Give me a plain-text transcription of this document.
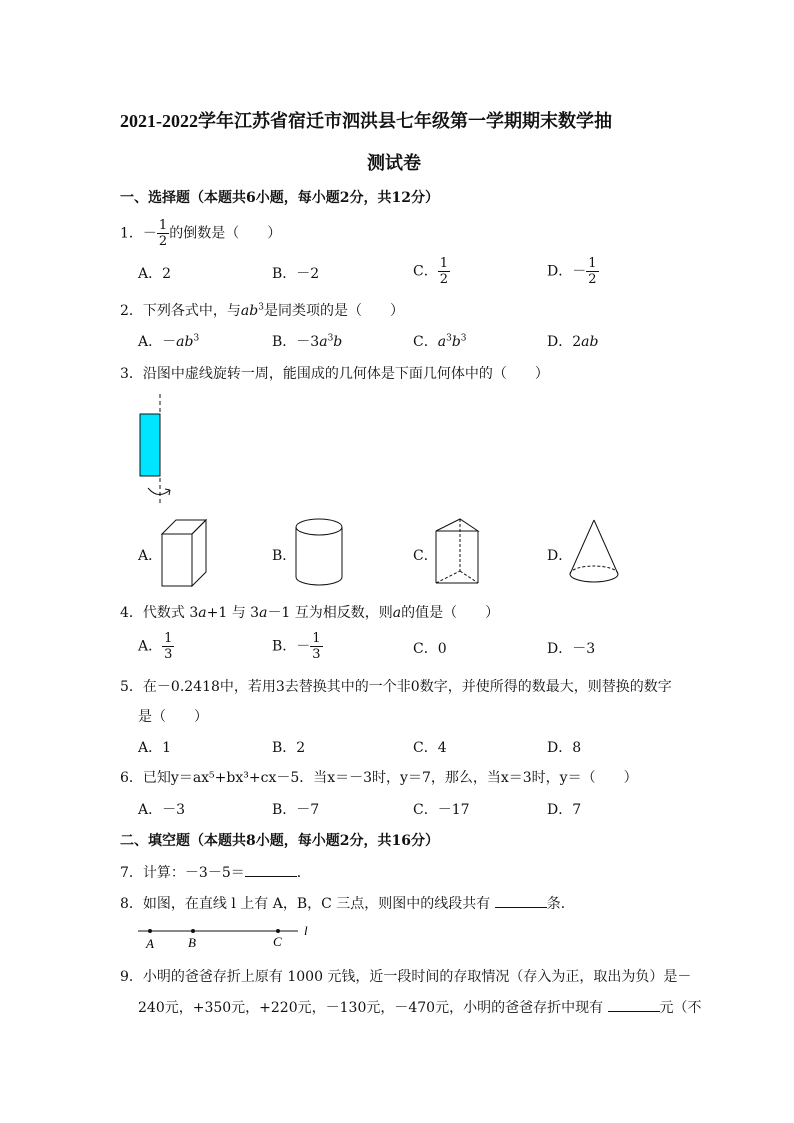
2021-2022学年江苏省宿迁市泗洪县七年级第一学期期末数学抽
测试卷
一、选择题（本题共6小题，每小题2分，共12分）
1．－ $\frac{1}{2}$ 的倒数是（　　）
A．2	B．－2	C． $\frac{1}{2}$	D．－ $\frac{1}{2}$
2．下列各式中，与$ab^3$是同类项的是（　　）
A．$-ab^3$	B．$-3a^3b$	C．$a^3b^3$	D．2ab
3．沿图中虚线旋转一周，能围成的几何体是下面几何体中的（　　）
A．	B．	C．	D．
4．代数式 3a+1 与 3a－1 互为相反数，则a的值是（　　）
A． $\frac{1}{3}$	B．－ $\frac{1}{3}$	C．0	D．－3
5．在－0.2418中，若用3去替换其中的一个非0数字，并使所得的数最大，则替换的数字
是（　　）
A．1	B．2	C．4	D．8
6．已知y＝ax⁵+bx³+cx－5．当x＝－3时，y＝7，那么，当x＝3时，y＝（　　）
A．－3	B．－7	C．－17	D．7
二、填空题（本题共8小题，每小题2分，共16分）
7．计算：－3－5＝	．
8．如图，在直线 l 上有 A，B，C 三点，则图中的线段共有	条．
A	B	C
l
9．小明的爸爸存折上原有 1000 元钱，近一段时间的存取情况（存入为正，取出为负）是－
240元，+350元，+220元，－130元，－470元，小明的爸爸存折中现有	元（不
